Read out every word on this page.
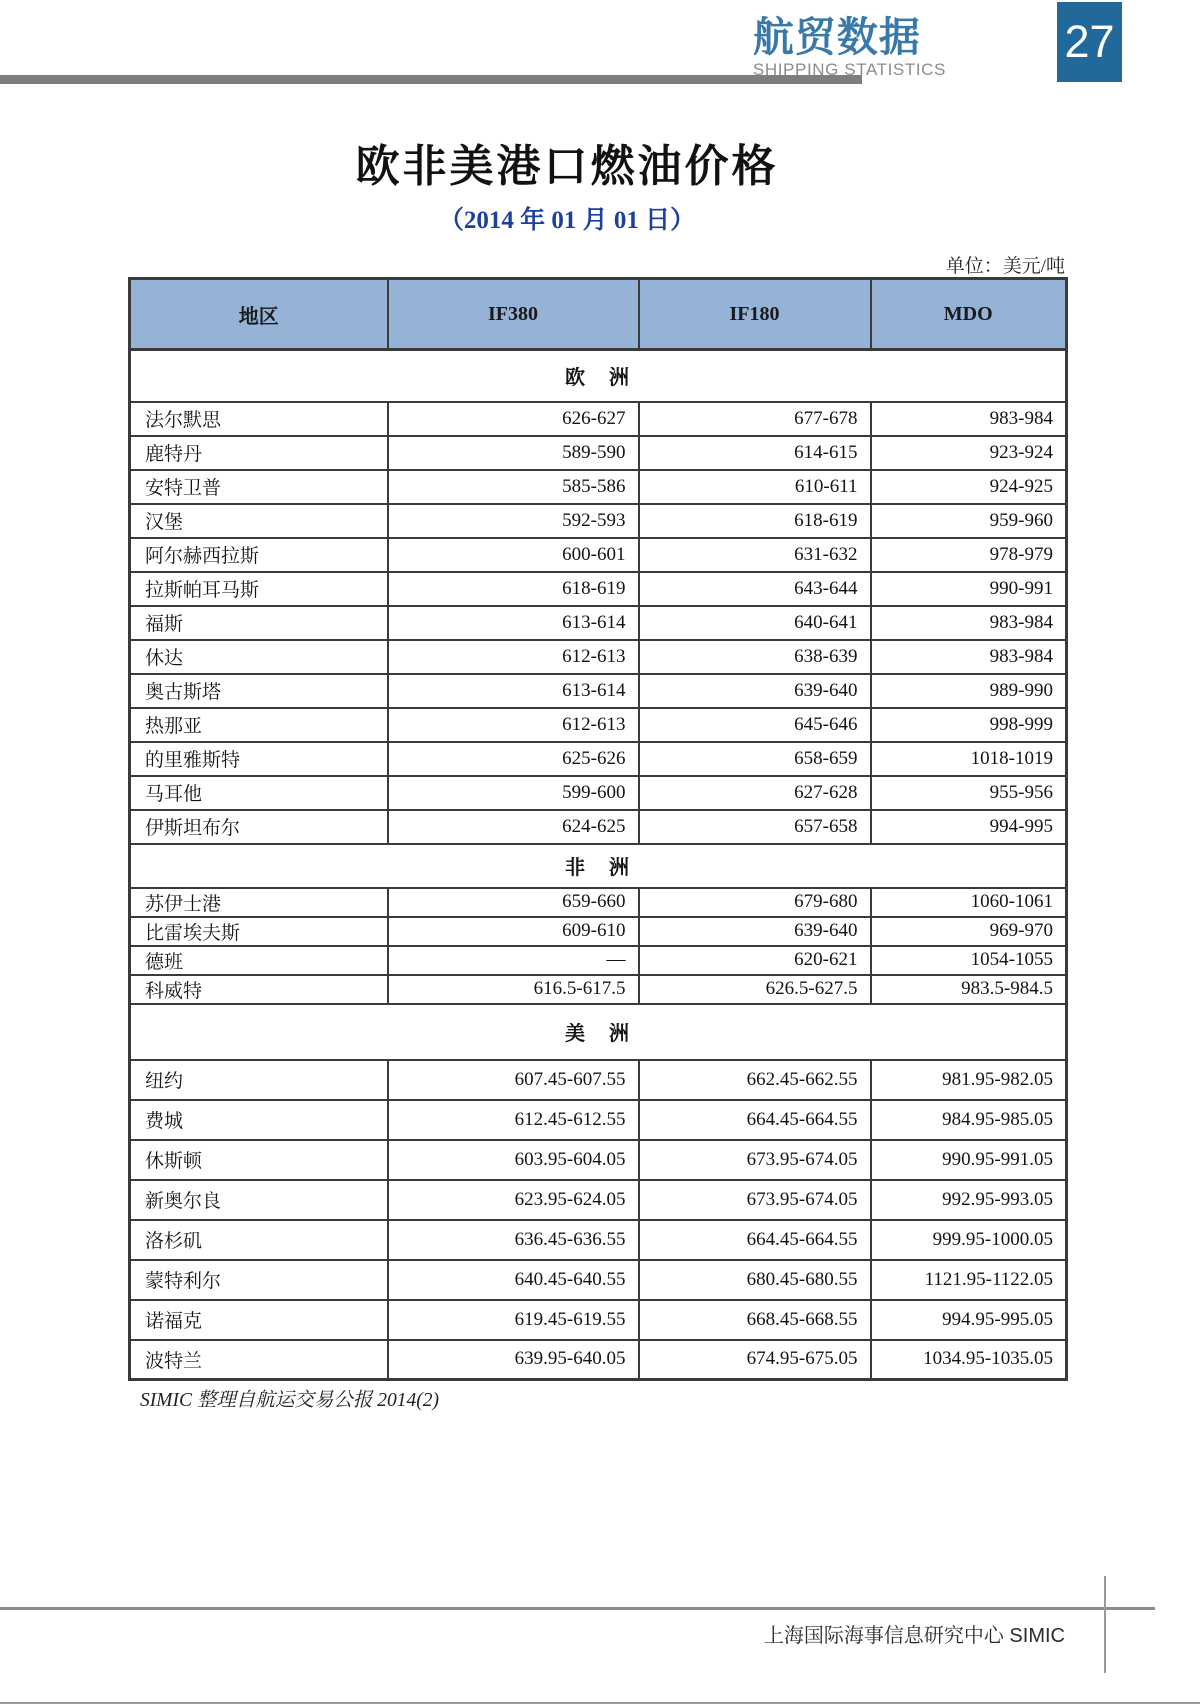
航贸数据
SHIPPING STATISTICS
27
欧非美港口燃油价格
（2014 年 01 月 01 日）
单位：美元/吨
地区	IF380	IF180	MDO
欧　洲			
法尔默思	626-627	677-678	983-984
鹿特丹	589-590	614-615	923-924
安特卫普	585-586	610-611	924-925
汉堡	592-593	618-619	959-960
阿尔赫西拉斯	600-601	631-632	978-979
拉斯帕耳马斯	618-619	643-644	990-991
福斯	613-614	640-641	983-984
休达	612-613	638-639	983-984
奥古斯塔	613-614	639-640	989-990
热那亚	612-613	645-646	998-999
的里雅斯特	625-626	658-659	1018-1019
马耳他	599-600	627-628	955-956
伊斯坦布尔	624-625	657-658	994-995
非　洲			
苏伊士港	659-660	679-680	1060-1061
比雷埃夫斯	609-610	639-640	969-970
德班	—	620-621	1054-1055
科威特	616.5-617.5	626.5-627.5	983.5-984.5
美　洲			
纽约	607.45-607.55	662.45-662.55	981.95-982.05
费城	612.45-612.55	664.45-664.55	984.95-985.05
休斯顿	603.95-604.05	673.95-674.05	990.95-991.05
新奥尔良	623.95-624.05	673.95-674.05	992.95-993.05
洛杉矶	636.45-636.55	664.45-664.55	999.95-1000.05
蒙特利尔	640.45-640.55	680.45-680.55	1121.95-1122.05
诺福克	619.45-619.55	668.45-668.55	994.95-995.05
波特兰	639.95-640.05	674.95-675.05	1034.95-1035.05
SIMIC 整理自航运交易公报 2014(2)
上海国际海事信息研究中心 SIMIC
